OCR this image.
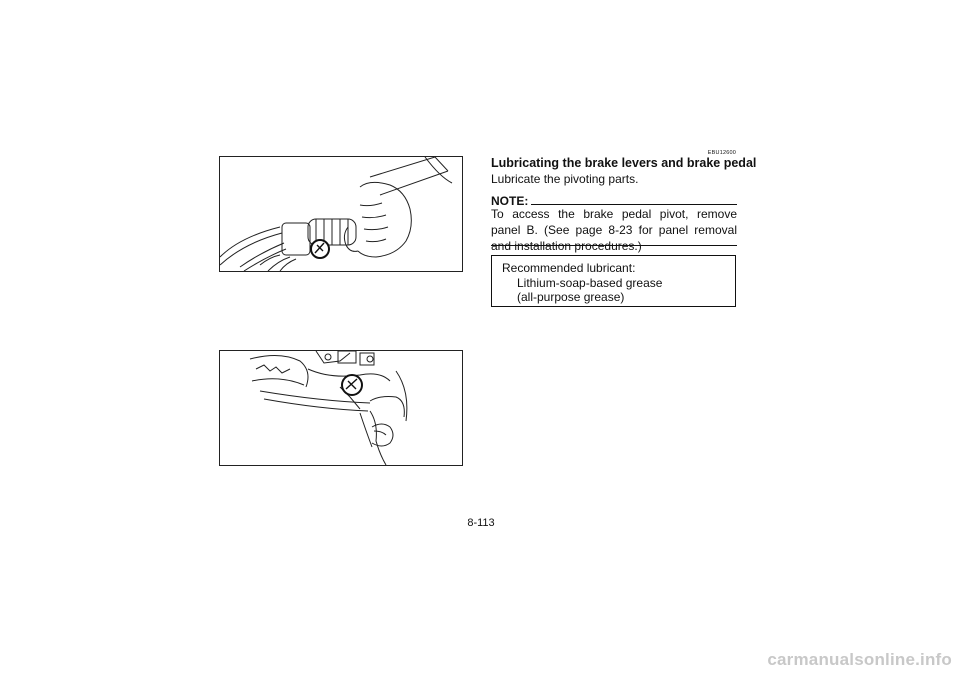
EBU12600
Lubricating the brake levers and brake pedal
Lubricate the pivoting parts.
NOTE:
To access the brake pedal pivot, remove panel B. (See page 8-23 for panel removal and installation procedures.)
Recommended lubricant:
Lithium-soap-based grease
(all-purpose grease)
8-113
carmanualsonline.info
